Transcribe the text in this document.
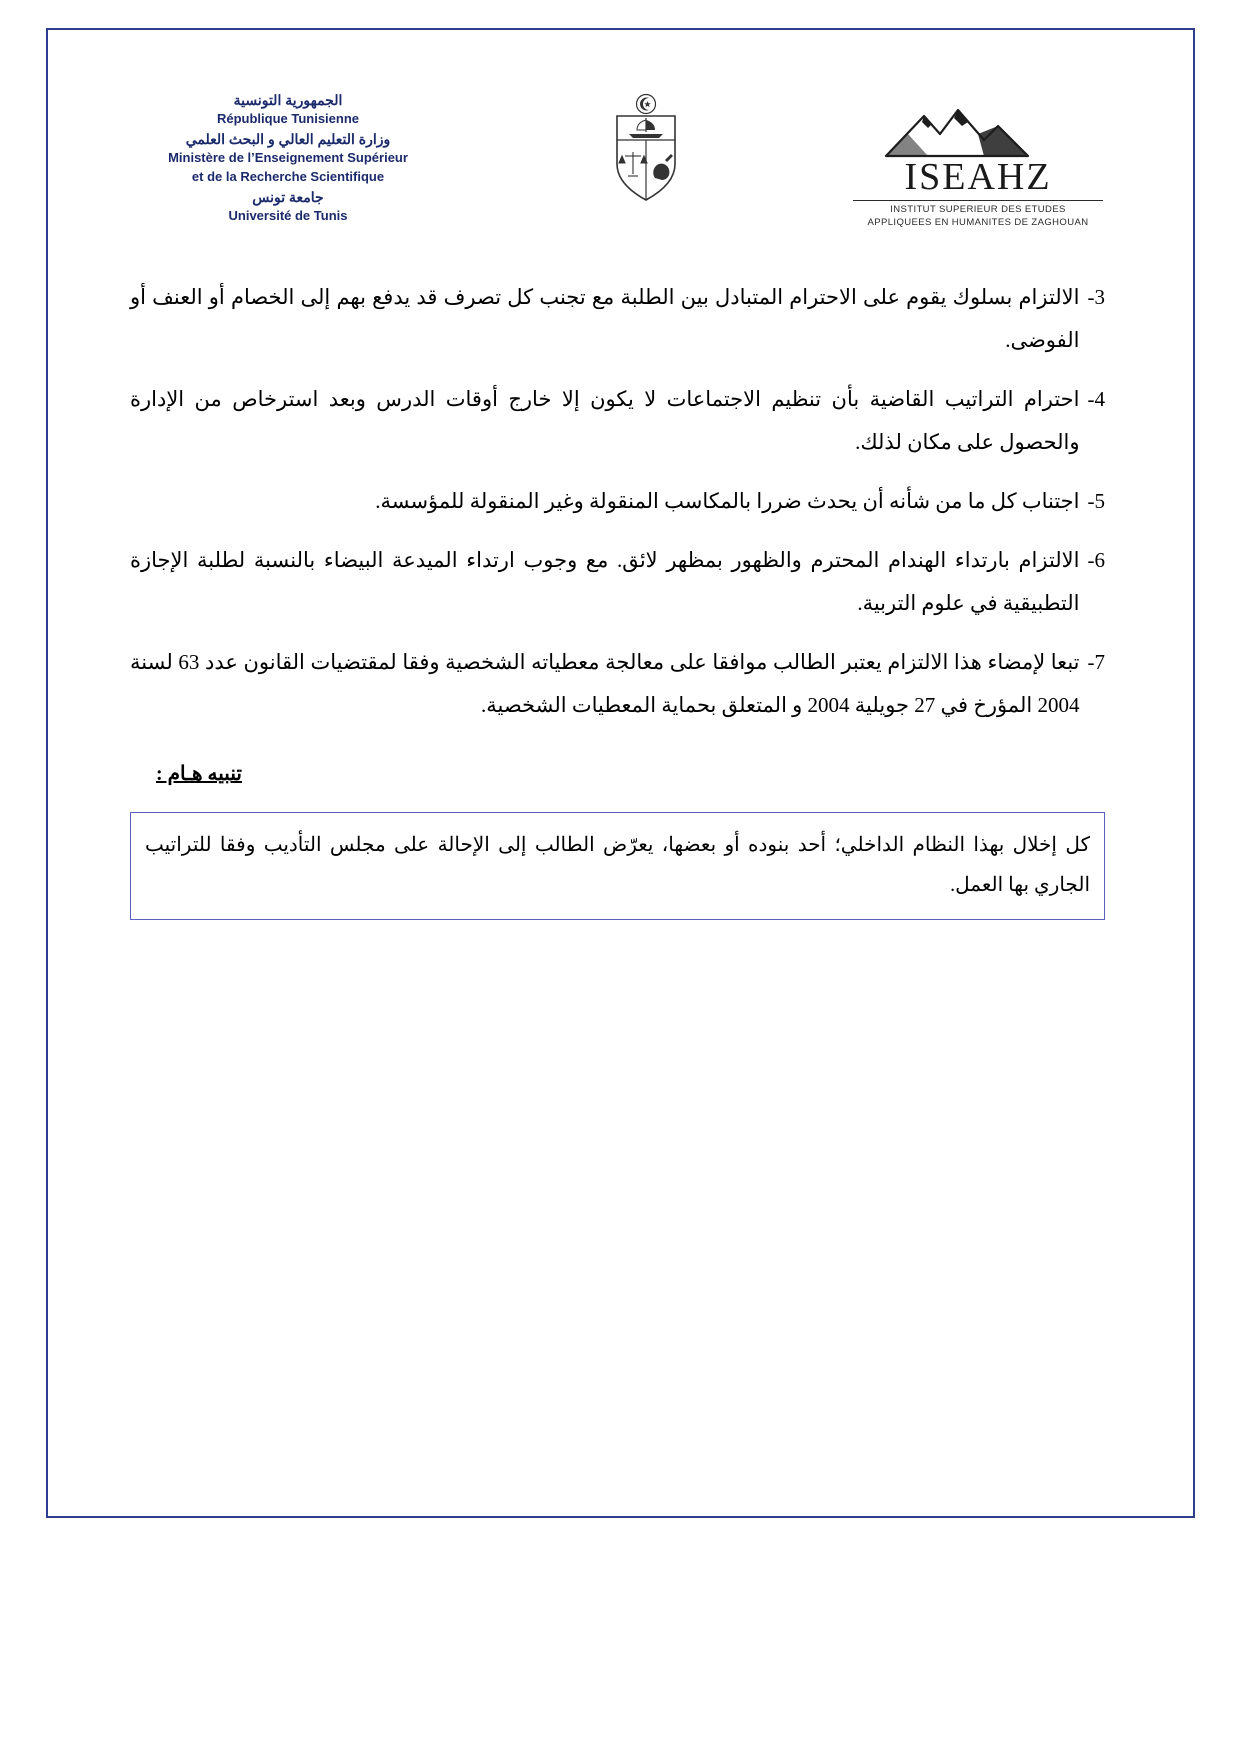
الجمهورية التونسية
République Tunisienne
وزارة التعليم العالي و البحث العلمي
Ministère de l’Enseignement Supérieur
et de la Recherche Scientifique
جامعة تونس
Université de Tunis
ISEAHZ
INSTITUT SUPERIEUR DES ETUDES
APPLIQUEES EN HUMANITES DE ZAGHOUAN
3-
الالتزام بسلوك يقوم على الاحترام المتبادل بين الطلبة مع تجنب كل تصرف قد يدفع بهم إلى الخصام أو العنف أو الفوضى.
4-
احترام التراتيب القاضية بأن تنظيم الاجتماعات لا يكون إلا خارج أوقات الدرس وبعد استرخاص من الإدارة والحصول على مكان لذلك.
5-
اجتناب كل ما من شأنه أن يحدث ضررا بالمكاسب المنقولة وغير المنقولة للمؤسسة.
6-
الالتزام بارتداء الهندام المحترم والظهور بمظهر لائق. مع وجوب ارتداء الميدعة البيضاء بالنسبة لطلبة الإجازة التطبيقية في علوم التربية.
7-
تبعا لإمضاء هذا الالتزام يعتبر الطالب موافقا على معالجة معطياته الشخصية وفقا لمقتضيات القانون عدد 63 لسنة 2004 المؤرخ في 27 جويلية 2004 و المتعلق بحماية المعطيات الشخصية.
تنبيه هـام :
كل إخلال بهذا النظام الداخلي؛ أحد بنوده أو بعضها، يعرّض الطالب إلى الإحالة على مجلس التأديب وفقا للتراتيب الجاري بها العمل.
